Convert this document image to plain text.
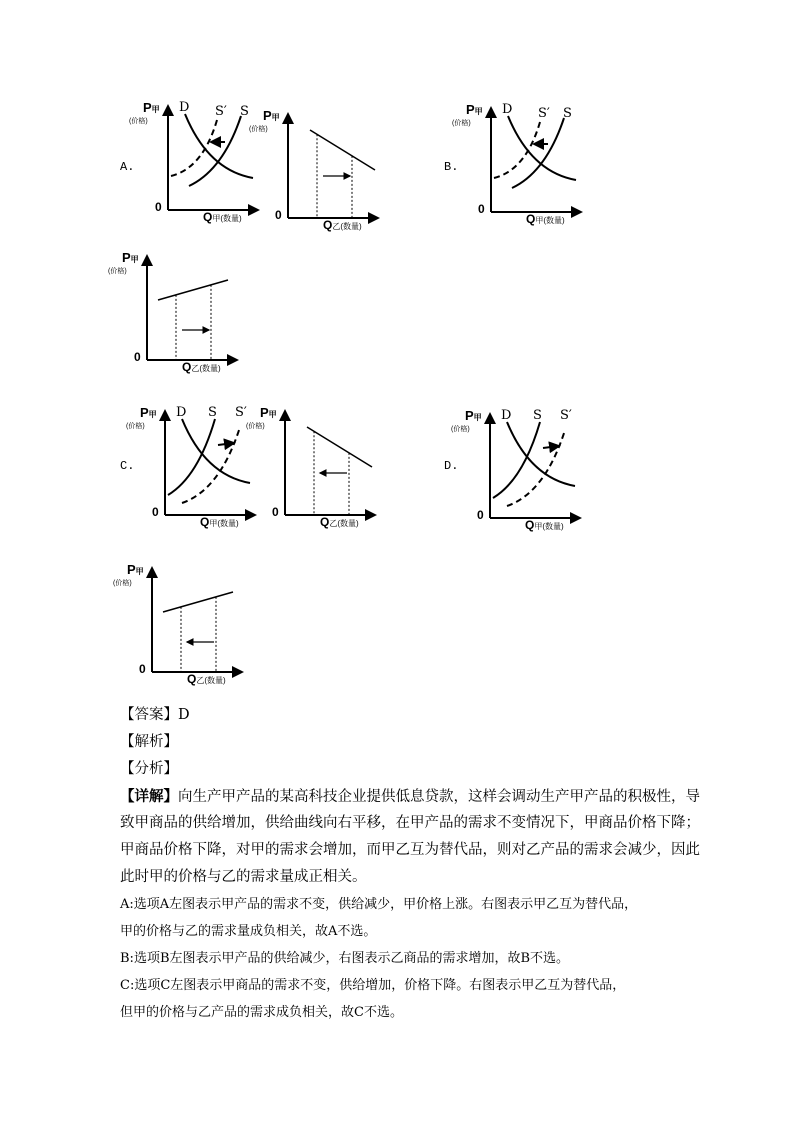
A.	B.
C.	D.
P甲
(价格)
0
Q甲(数量)
S′ S
D
P甲
(价格)
0
Q乙(数量)
P甲
(价格)
0
Q甲(数量)
S′ S
D
P甲
(价格)
0
Q乙(数量)
P甲
(价格)
0
Q甲(数量)
S S′
D	P甲
(价格)
0
Q乙(数量)
P甲
(价格)
0
Q甲(数量)
S S′
D
P甲
(价格)
0
Q乙(数量)
【答案】D
【解析】
【分析】
【详解】向生产甲产品的某高科技企业提供低息贷款，这样会调动生产甲产品的积极性，导
致甲商品的供给增加，供给曲线向右平移，在甲产品的需求不变情况下，甲商品价格下降；
甲商品价格下降，对甲的需求会增加，而甲乙互为替代品，则对乙产品的需求会减少，因此
此时甲的价格与乙的需求量成正相关。
A:选项A左图表示甲产品的需求不变，供给减少，甲价格上涨。右图表示甲乙互为替代品，
甲的价格与乙的需求量成负相关，故A不选。
B:选项B左图表示甲产品的供给减少，右图表示乙商品的需求增加，故B不选。
C:选项C左图表示甲商品的需求不变，供给增加，价格下降。右图表示甲乙互为替代品，
但甲的价格与乙产品的需求成负相关，故C不选。
